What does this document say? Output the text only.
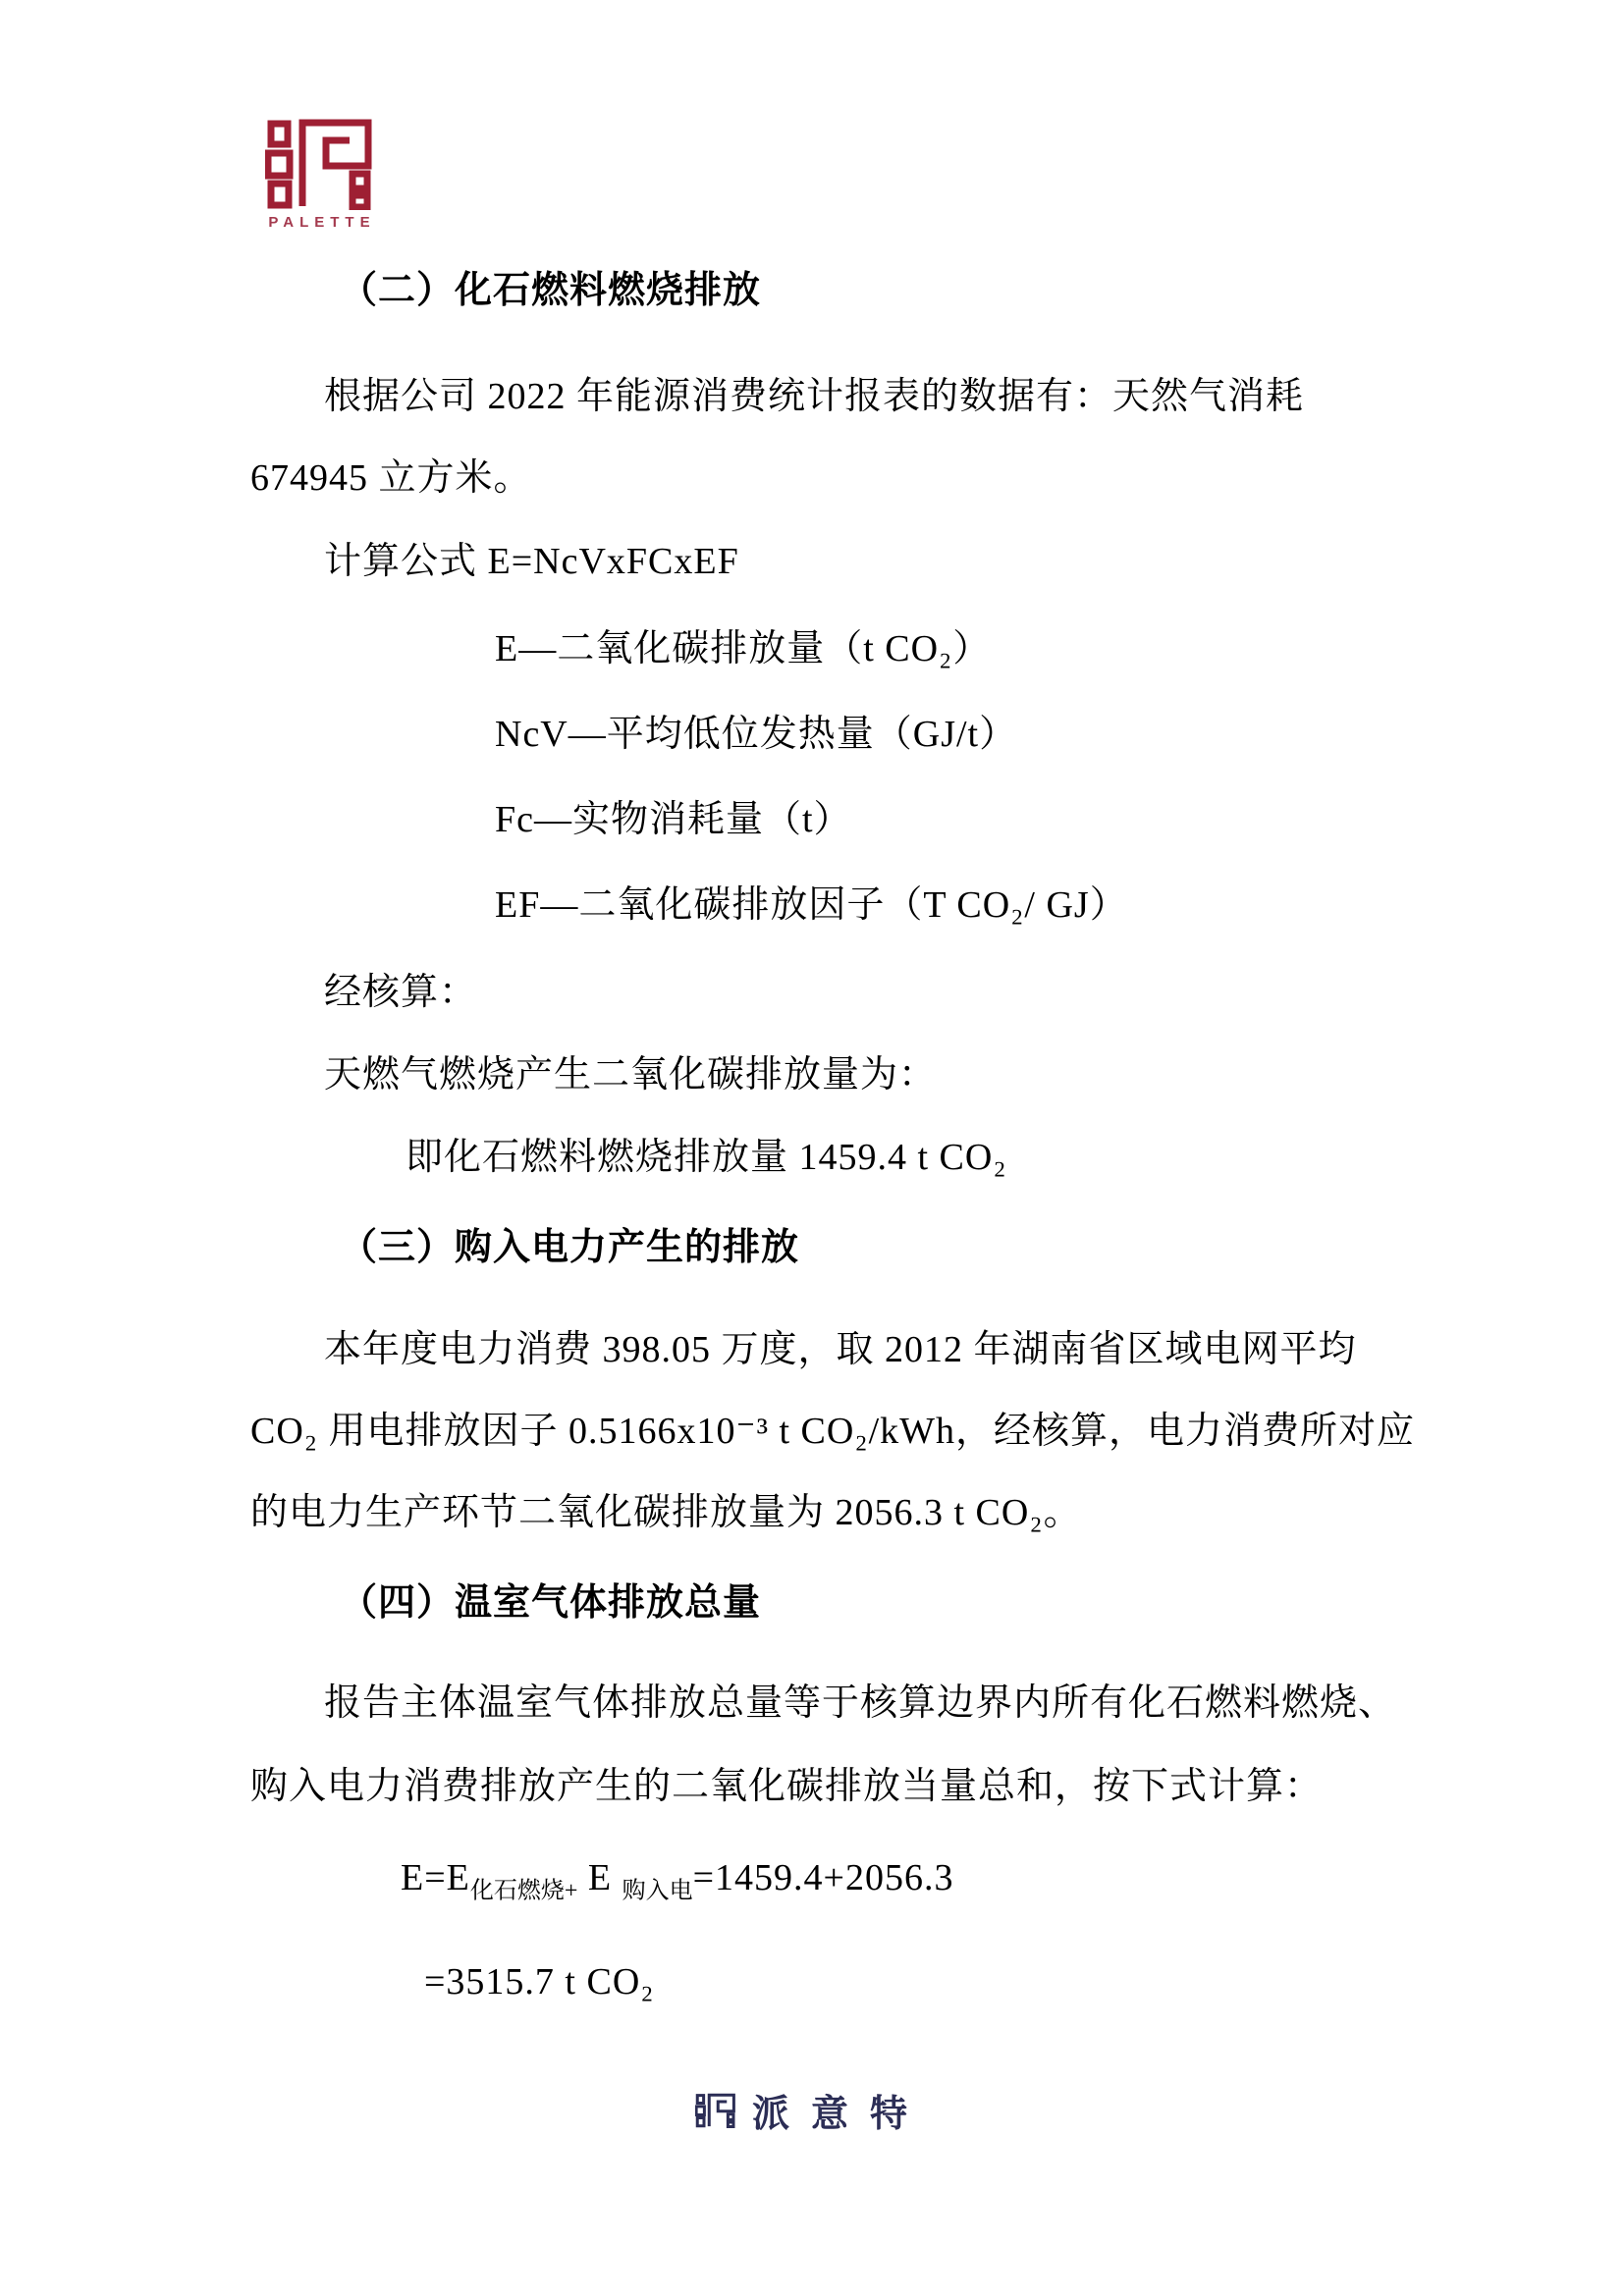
PALETTE
（二）化石燃料燃烧排放
根据公司 2022 年能源消费统计报表的数据有：天然气消耗
674945 立方米。
计算公式 E=NcVxFCxEF
E—二氧化碳排放量（t CO₂）
NcV—平均低位发热量（GJ/t）
Fc—实物消耗量（t）
EF—二氧化碳排放因子（T CO₂/ GJ）
经核算：
天燃气燃烧产生二氧化碳排放量为：
即化石燃料燃烧排放量 1459.4 t CO₂
（三）购入电力产生的排放
本年度电力消费 398.05 万度，取 2012 年湖南省区域电网平均
CO₂ 用电排放因子 0.5166x10⁻³ t CO₂/kWh，经核算，电力消费所对应
的电力生产环节二氧化碳排放量为 2056.3 t CO₂。
（四）温室气体排放总量
报告主体温室气体排放总量等于核算边界内所有化石燃料燃烧、
购入电力消费排放产生的二氧化碳排放当量总和，按下式计算：
$E=E_{化石燃烧+}$ E $_{购入电}$=1459.4+2056.3
=3515.7 t CO₂
派意特
